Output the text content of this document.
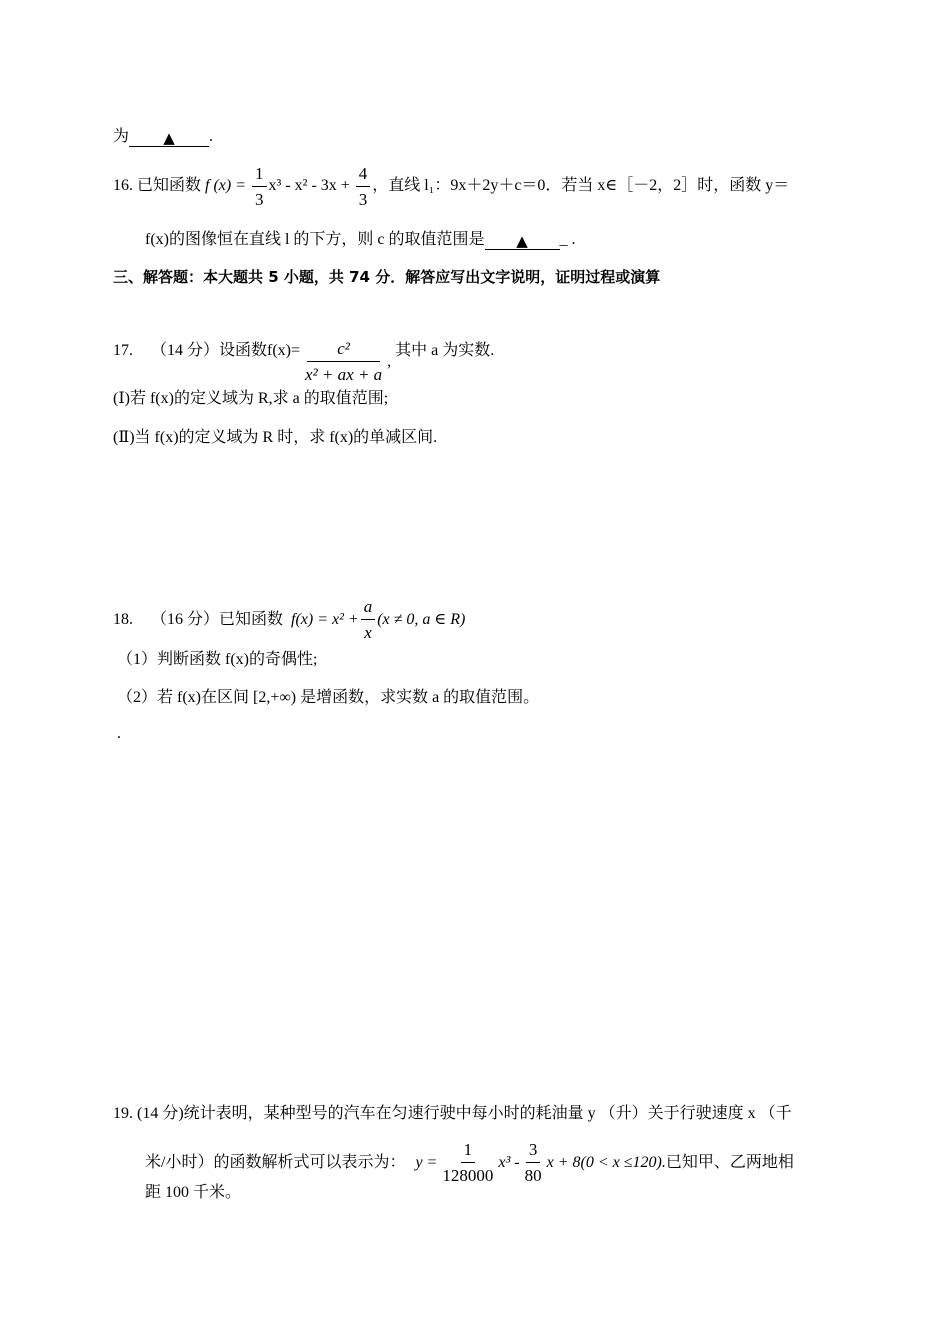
为 ▲ .
16. 已知函数 f $(x) = \frac{1}{3} x^3 - x^2 - 3x + \frac{4}{3}$ ，直线 l₁：9x＋2y＋c＝0．若当 x∈［－2，2］时，函数 y＝
f(x)的图像恒在直线 l 的下方，则 c 的取值范围是 ▲ _ .
三、解答题：本大题共 5 小题，共 74 分．解答应写出文字说明，证明过程或演算
17. （14 分）设函数 $f(x)= \frac{\text{c²}}{\text{x² + ax + a}}$ ,
其中 a 为实数.
(Ⅰ)若 f(x)的定义域为 R,求 a 的取值范围;
(Ⅱ)当 f(x)的定义域为 R 时，求 f(x)的单减区间.
18. （16 分）已知函数 $f(x) = x^2 + \frac{a}{x} (x \ne 0$, a ∈ R)
（1）判断函数 f(x)的奇偶性;
（2）若 f(x)在区间 [2,+∞) 是增函数，求实数 a 的取值范围。
.
19. (14 分)统计表明，某种型号的汽车在匀速行驶中每小时的耗油量 y （升）关于行驶速度 x （千
米/小时）的函数解析式可以表示为： $y = \frac{1}{128000} x^3 - \frac{3}{80}$ x + 8(0 < x ≤120). 已知甲、乙两地相
距 100 千米。
